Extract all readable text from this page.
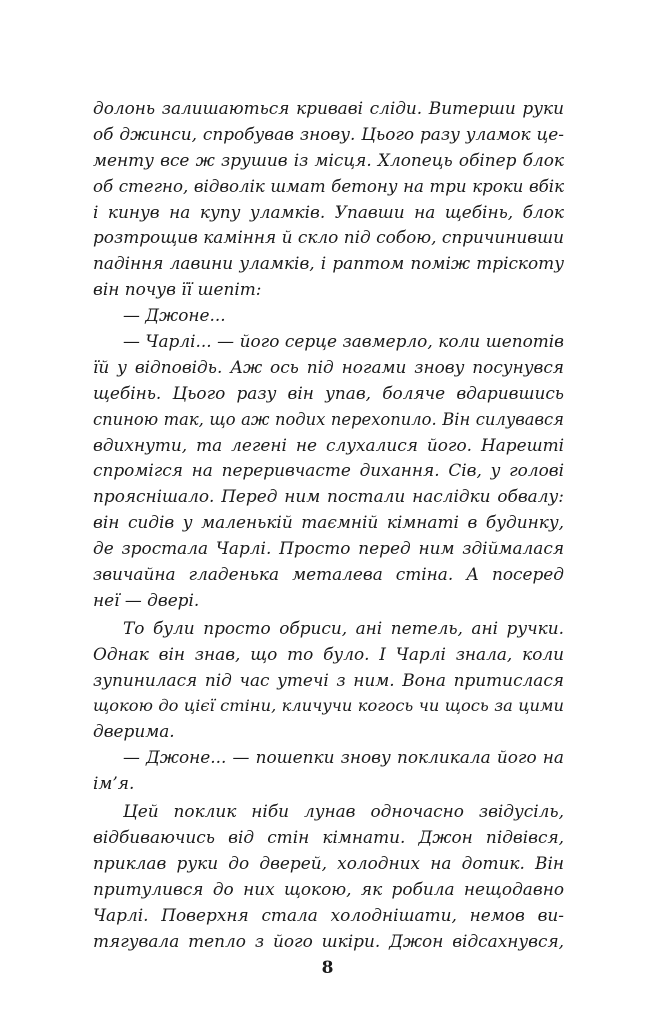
долонь залишаються криваві сліди. Витерши руки
об джинси, спробував знову. Цього разу уламок це-
менту все ж зрушив із місця. Хлопець обіпер блок
об стегно, відволік шмат бетону на три кроки вбік
і кинув на купу уламків. Упавши на щебінь, блок
розтрощив каміння й скло під собою, спричинивши
падіння лавини уламків, і раптом поміж тріскоту
він почув її шепіт:
— Джоне...
— Чарлі... — його серце завмерло, коли шепотів
їй у відповідь. Аж ось під ногами знову посунувся
щебінь. Цього разу він упав, боляче вдарившись
спиною так, що аж подих перехопило. Він силувався
вдихнути, та легені не слухалися його. Нарешті
спромігся на переривчасте дихання. Сів, у голові
прояснішало. Перед ним постали наслідки обвалу:
він сидів у маленькій таємній кімнаті в будинку,
де зростала Чарлі. Просто перед ним здіймалася
звичайна гладенька металева стіна. А посеред
неї — двері.
То були просто обриси, ані петель, ані ручки.
Однак він знав, що то було. І Чарлі знала, коли
зупинилася під час утечі з ним. Вона притислася
щокою до цієї стіни, кличучи когось чи щось за цими
дверима.
— Джоне... — пошепки знову покликала його на
ім’я.
Цей поклик ніби лунав одночасно звідусіль,
відбиваючись від стін кімнати. Джон підвівся,
приклав руки до дверей, холодних на дотик. Він
притулився до них щокою, як робила нещодавно
Чарлі. Поверхня стала холоднішати, немов ви-
тягувала тепло з його шкіри. Джон відсахнувся,
8
